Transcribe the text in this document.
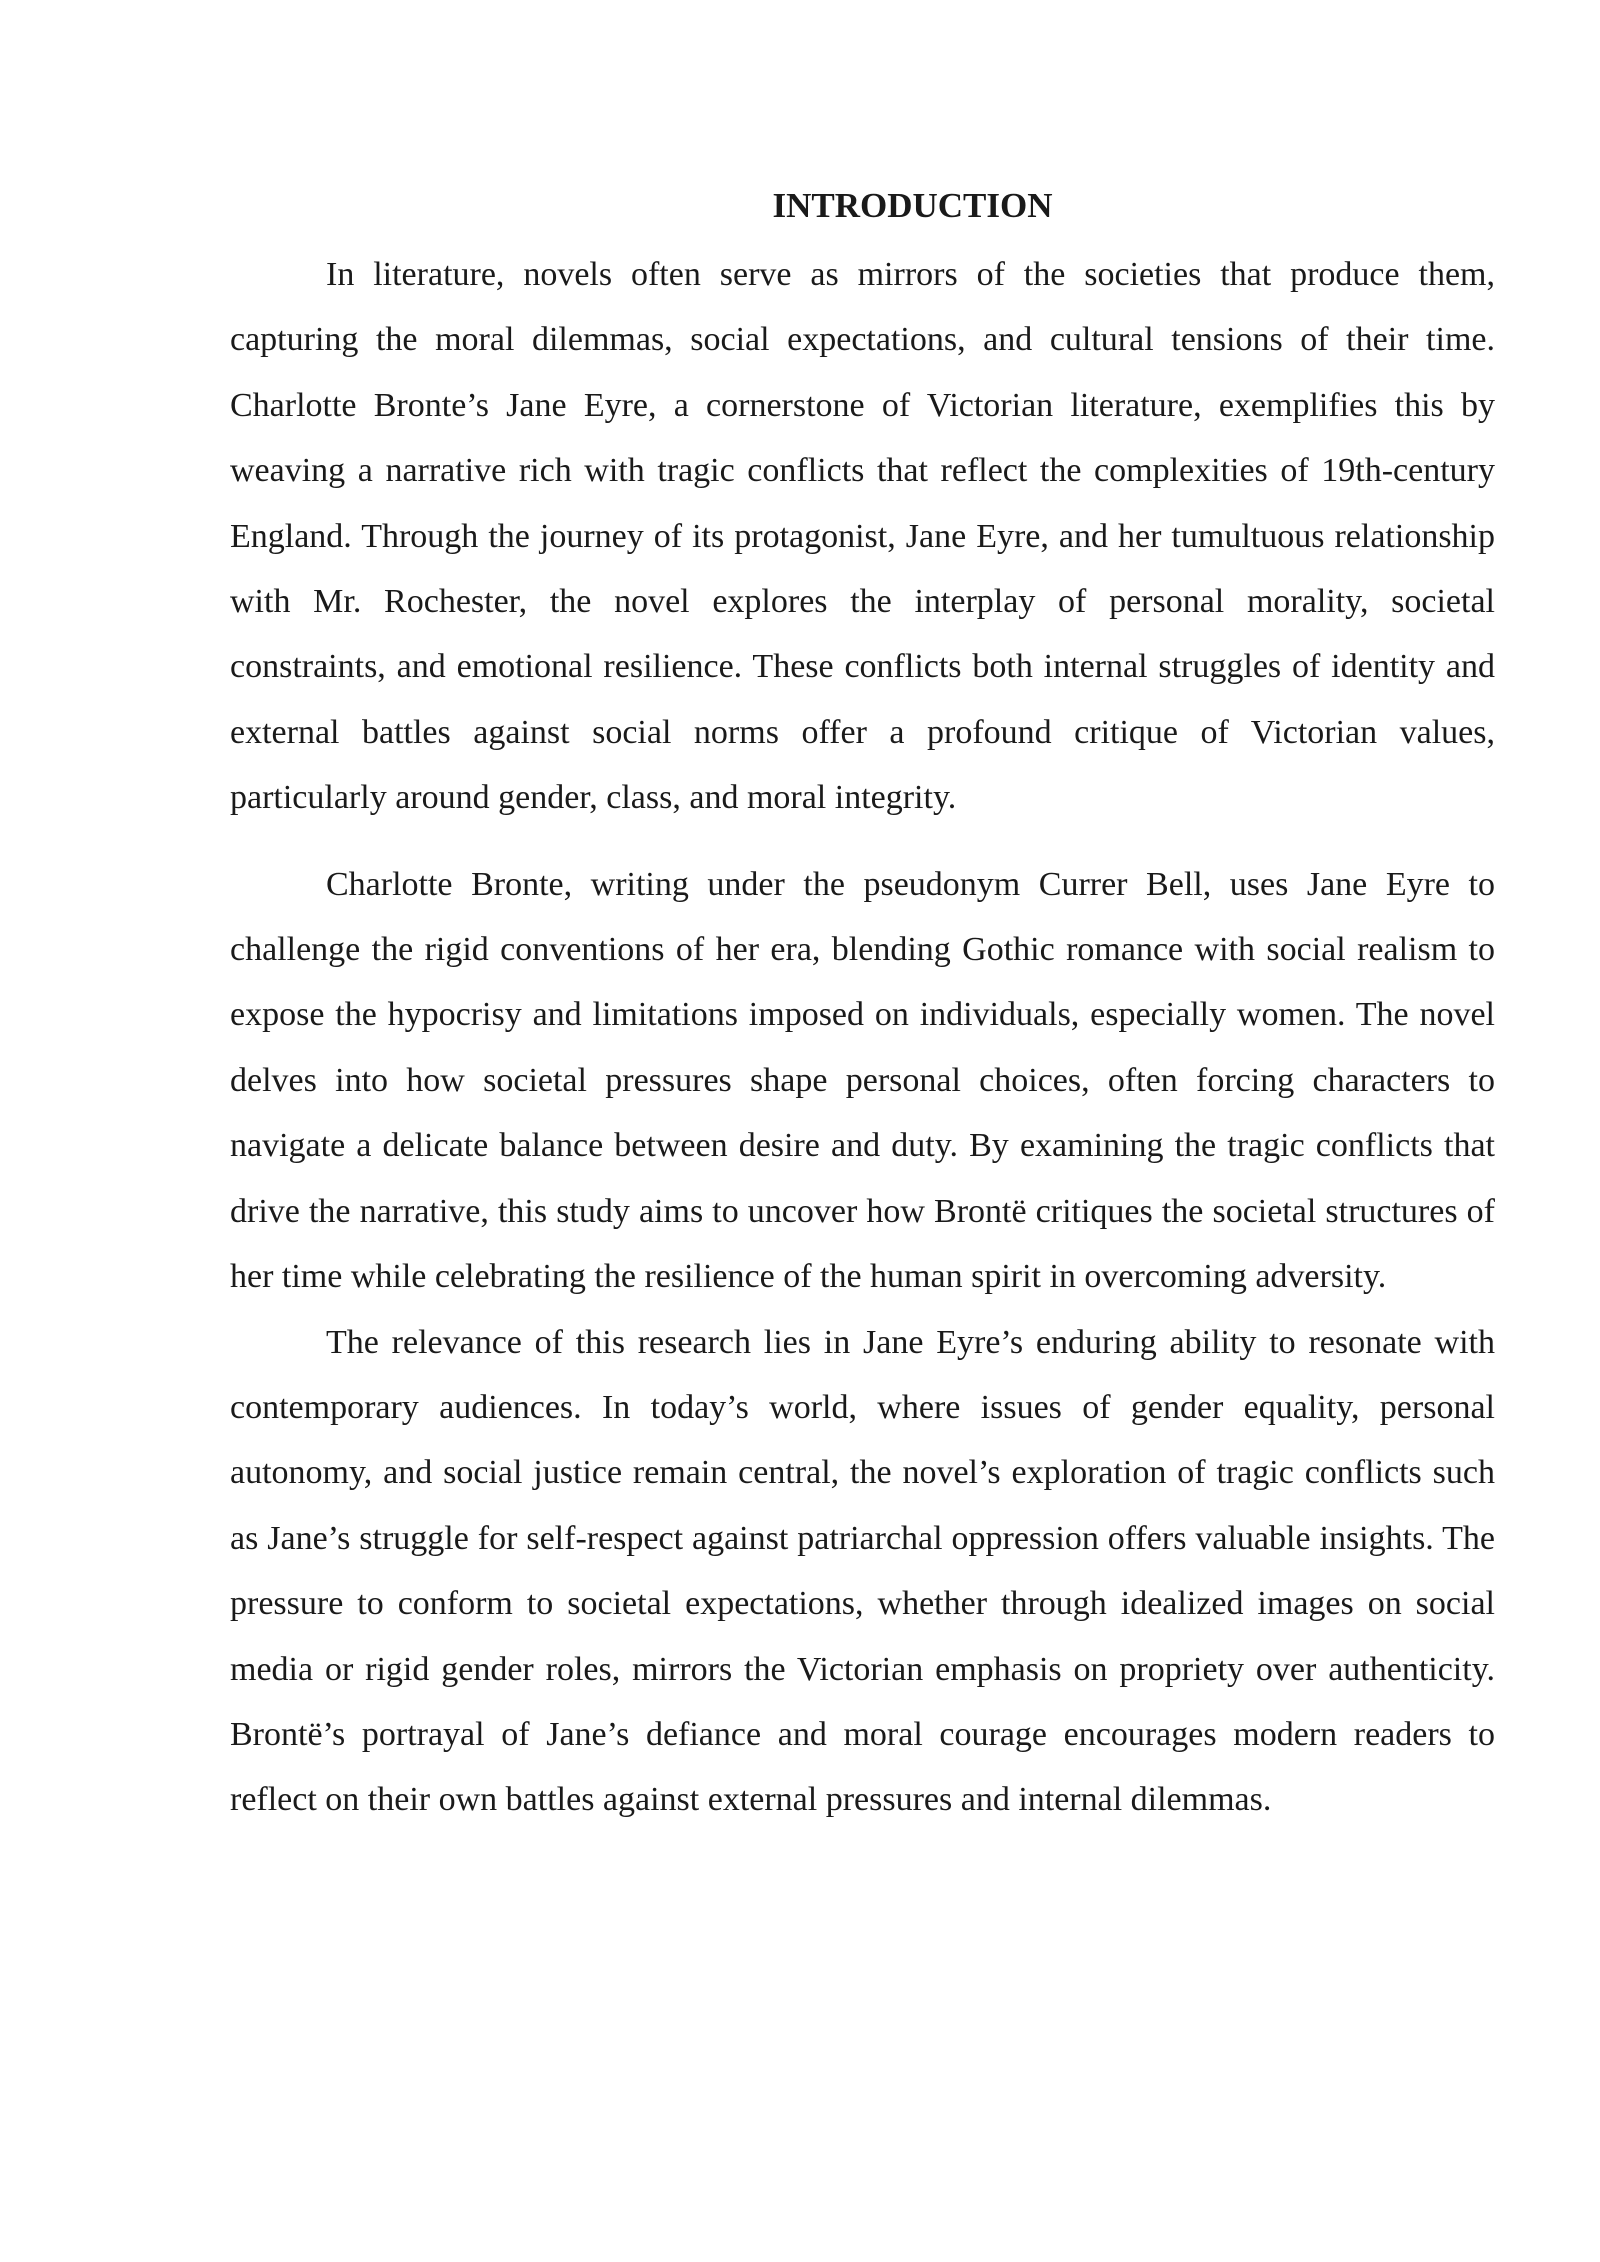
INTRODUCTION

In literature, novels often serve as mirrors of the societies that produce them, capturing the moral dilemmas, social expectations, and cultural tensions of their time. Charlotte Bronte’s Jane Eyre, a cornerstone of Victorian literature, exemplifies this by weaving a narrative rich with tragic conflicts that reflect the complexities of 19th-century England. Through the journey of its protagonist, Jane Eyre, and her tumultuous relationship with Mr. Rochester, the novel explores the interplay of personal morality, societal constraints, and emotional resilience. These conflicts both internal struggles of identity and external battles against social norms offer a profound critique of Victorian values, particularly around gender, class, and moral integrity.

Charlotte Bronte, writing under the pseudonym Currer Bell, uses Jane Eyre to challenge the rigid conventions of her era, blending Gothic romance with social realism to expose the hypocrisy and limitations imposed on individuals, especially women. The novel delves into how societal pressures shape personal choices, often forcing characters to navigate a delicate balance between desire and duty. By examining the tragic conflicts that drive the narrative, this study aims to uncover how Brontë critiques the societal structures of her time while celebrating the resilience of the human spirit in overcoming adversity.

The relevance of this research lies in Jane Eyre’s enduring ability to resonate with contemporary audiences. In today’s world, where issues of gender equality, personal autonomy, and social justice remain central, the novel’s exploration of tragic conflicts such as Jane’s struggle for self-respect against patriarchal oppression offers valuable insights. The pressure to conform to societal expectations, whether through idealized images on social media or rigid gender roles, mirrors the Victorian emphasis on propriety over authenticity. Brontë’s portrayal of Jane’s defiance and moral courage encourages modern readers to reflect on their own battles against external pressures and internal dilemmas.
